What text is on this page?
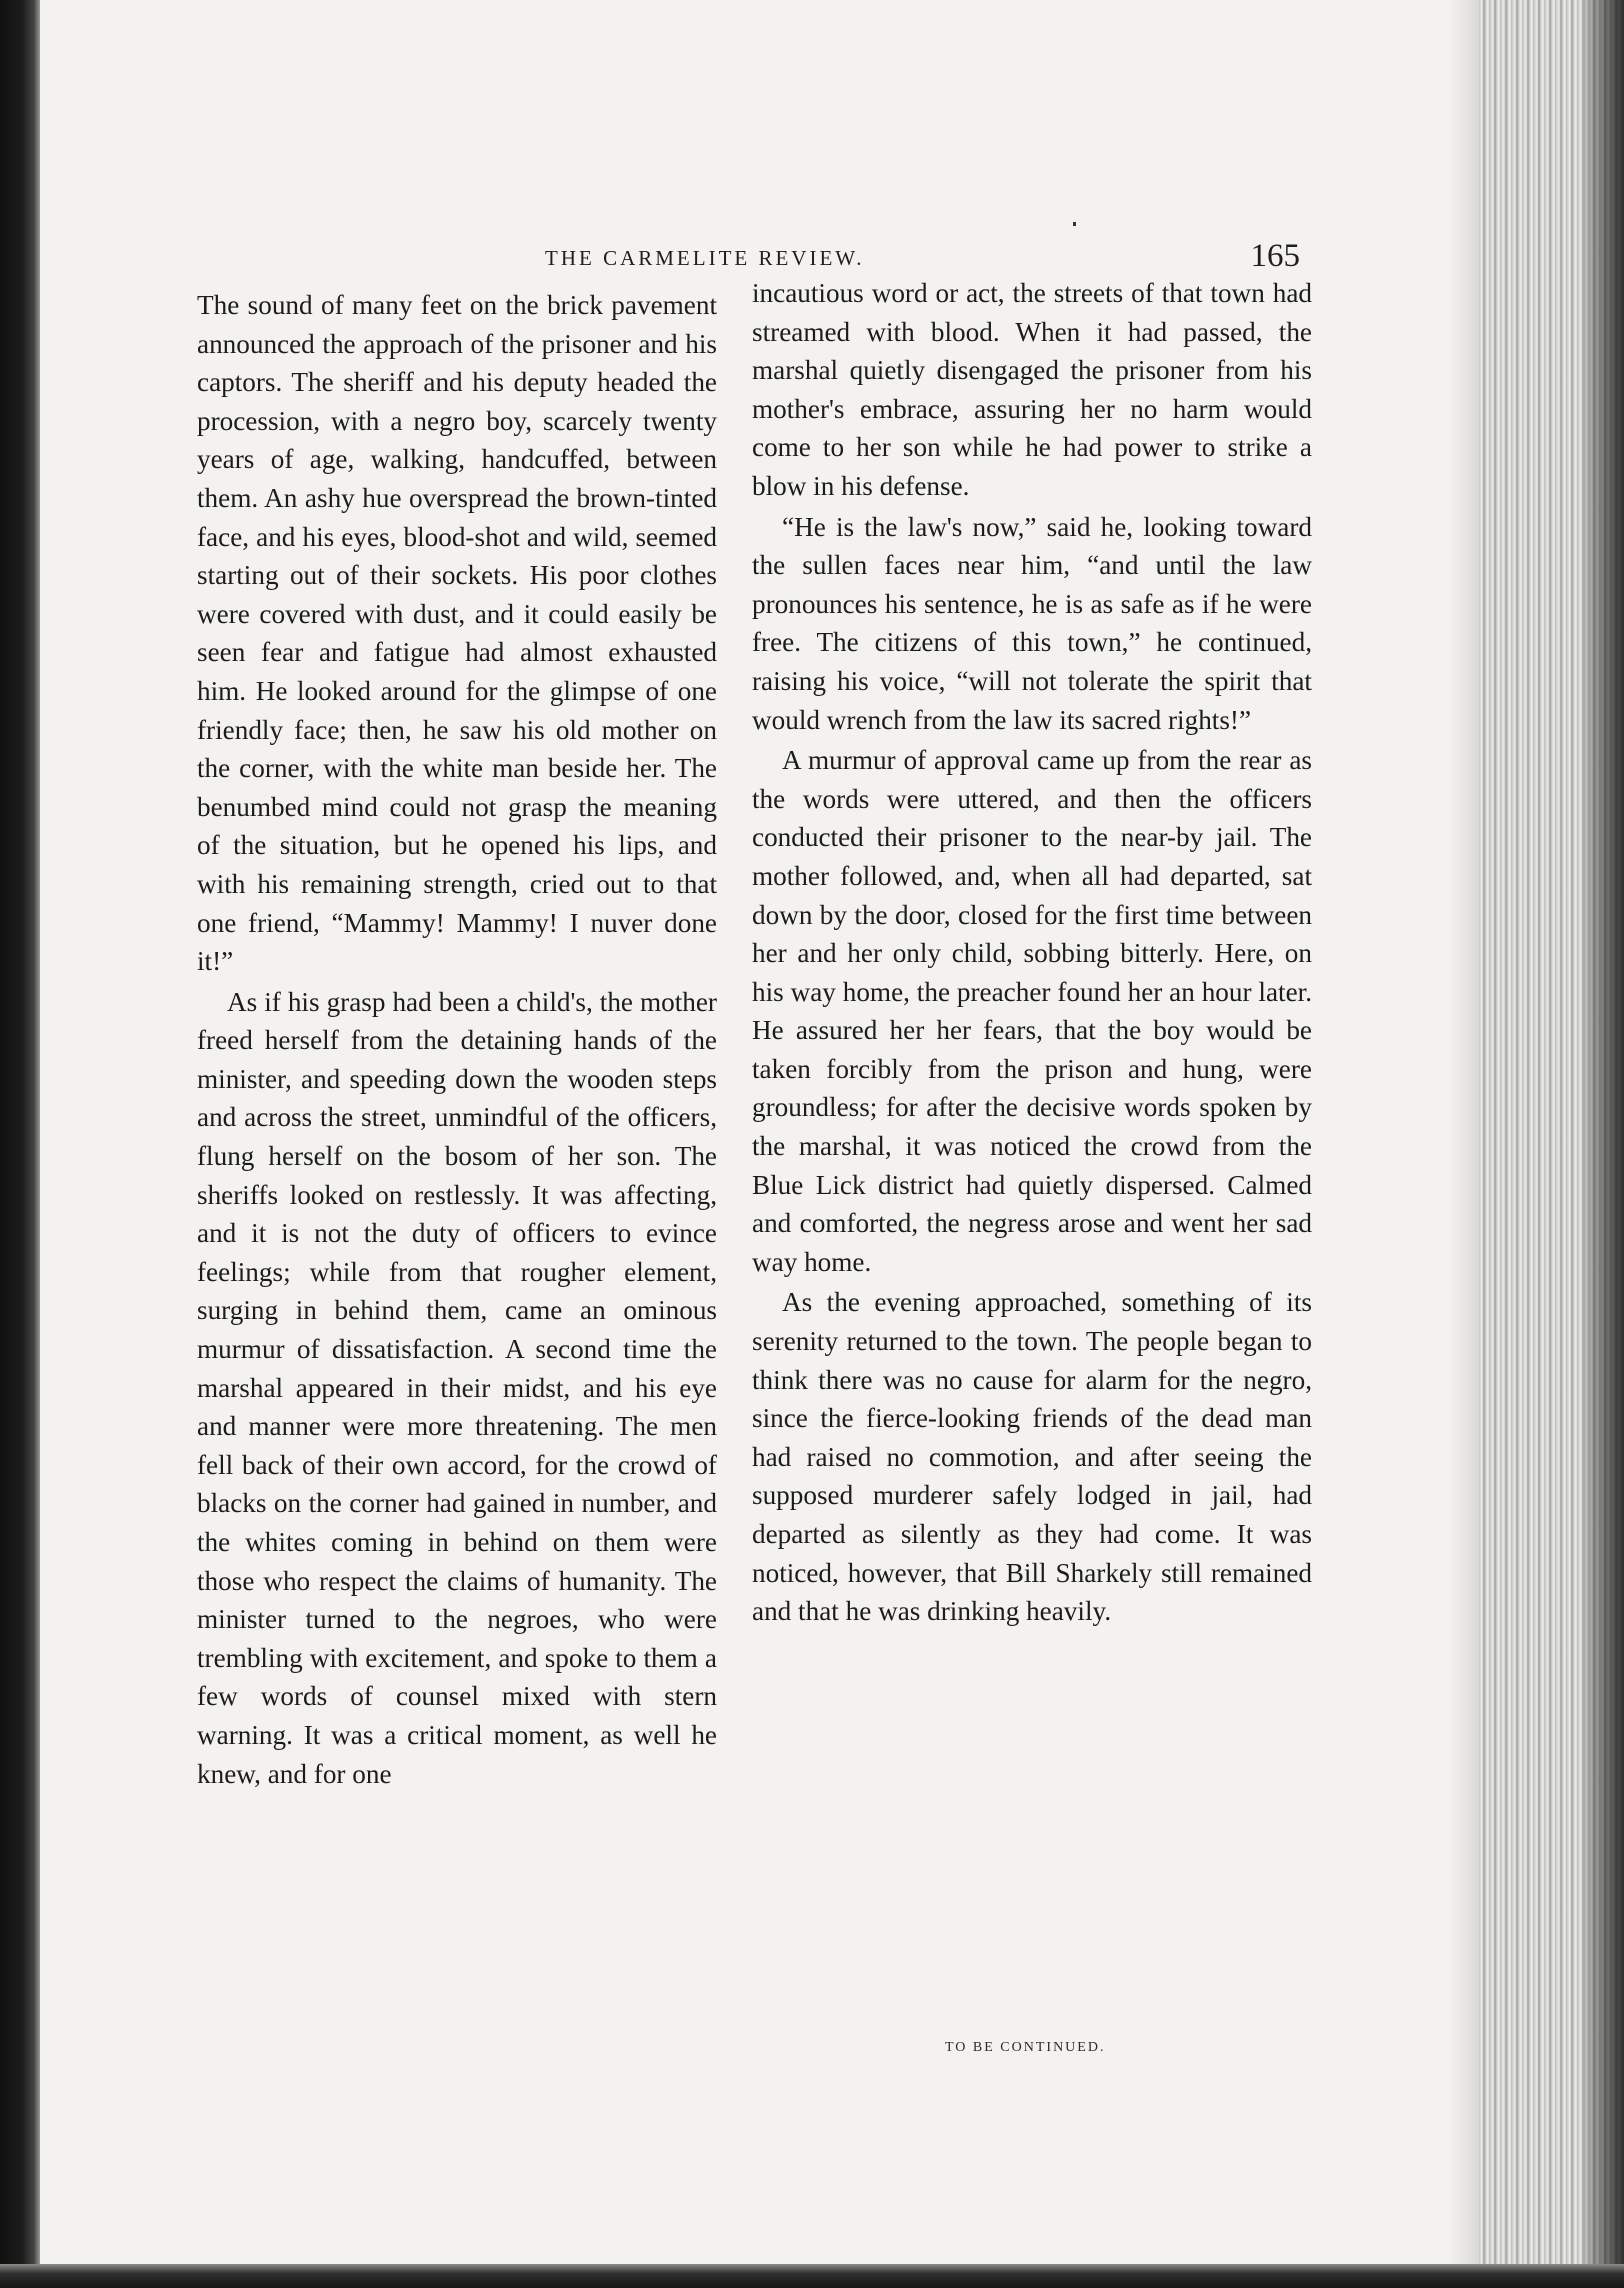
THE CARMELITE REVIEW.	165

The sound of many feet on the brick pavement announced the approach of the prisoner and his captors. The sheriff and his deputy headed the procession, with a negro boy, scarcely twenty years of age, walking, handcuffed, between them. An ashy hue overspread the brown-tinted face, and his eyes, blood-shot and wild, seemed starting out of their sockets. His poor clothes were covered with dust, and it could easily be seen fear and fatigue had almost exhausted him. He looked around for the glimpse of one friendly face; then, he saw his old mother on the corner, with the white man beside her. The benumbed mind could not grasp the meaning of the situation, but he opened his lips, and with his remaining strength, cried out to that one friend, “Mammy! Mammy! I nuver done it!”

As if his grasp had been a child's, the mother freed herself from the detaining hands of the minister, and speeding down the wooden steps and across the street, unmindful of the officers, flung herself on the bosom of her son. The sheriffs looked on restlessly. It was affecting, and it is not the duty of officers to evince feelings; while from that rougher element, surging in behind them, came an ominous murmur of dissatisfaction. A second time the marshal appeared in their midst, and his eye and manner were more threatening. The men fell back of their own accord, for the crowd of blacks on the corner had gained in number, and the whites coming in behind on them were those who respect the claims of humanity. The minister turned to the negroes, who were trembling with excitement, and spoke to them a few words of counsel mixed with stern warning. It was a critical moment, as well he knew, and for one

incautious word or act, the streets of that town had streamed with blood. When it had passed, the marshal quietly disengaged the prisoner from his mother's embrace, assuring her no harm would come to her son while he had power to strike a blow in his defense.

“He is the law's now,” said he, looking toward the sullen faces near him, “and until the law pronounces his sentence, he is as safe as if he were free. The citizens of this town,” he continued, raising his voice, “will not tolerate the spirit that would wrench from the law its sacred rights!”

A murmur of approval came up from the rear as the words were uttered, and then the officers conducted their prisoner to the near-by jail. The mother followed, and, when all had departed, sat down by the door, closed for the first time between her and her only child, sobbing bitterly. Here, on his way home, the preacher found her an hour later. He assured her her fears, that the boy would be taken forcibly from the prison and hung, were groundless; for after the decisive words spoken by the marshal, it was noticed the crowd from the Blue Lick district had quietly dispersed. Calmed and comforted, the negress arose and went her sad way home.

As the evening approached, something of its serenity returned to the town. The people began to think there was no cause for alarm for the negro, since the fierce-looking friends of the dead man had raised no commotion, and after seeing the supposed murderer safely lodged in jail, had departed as silently as they had come. It was noticed, however, that Bill Sharkely still remained and that he was drinking heavily.

TO BE CONTINUED.
